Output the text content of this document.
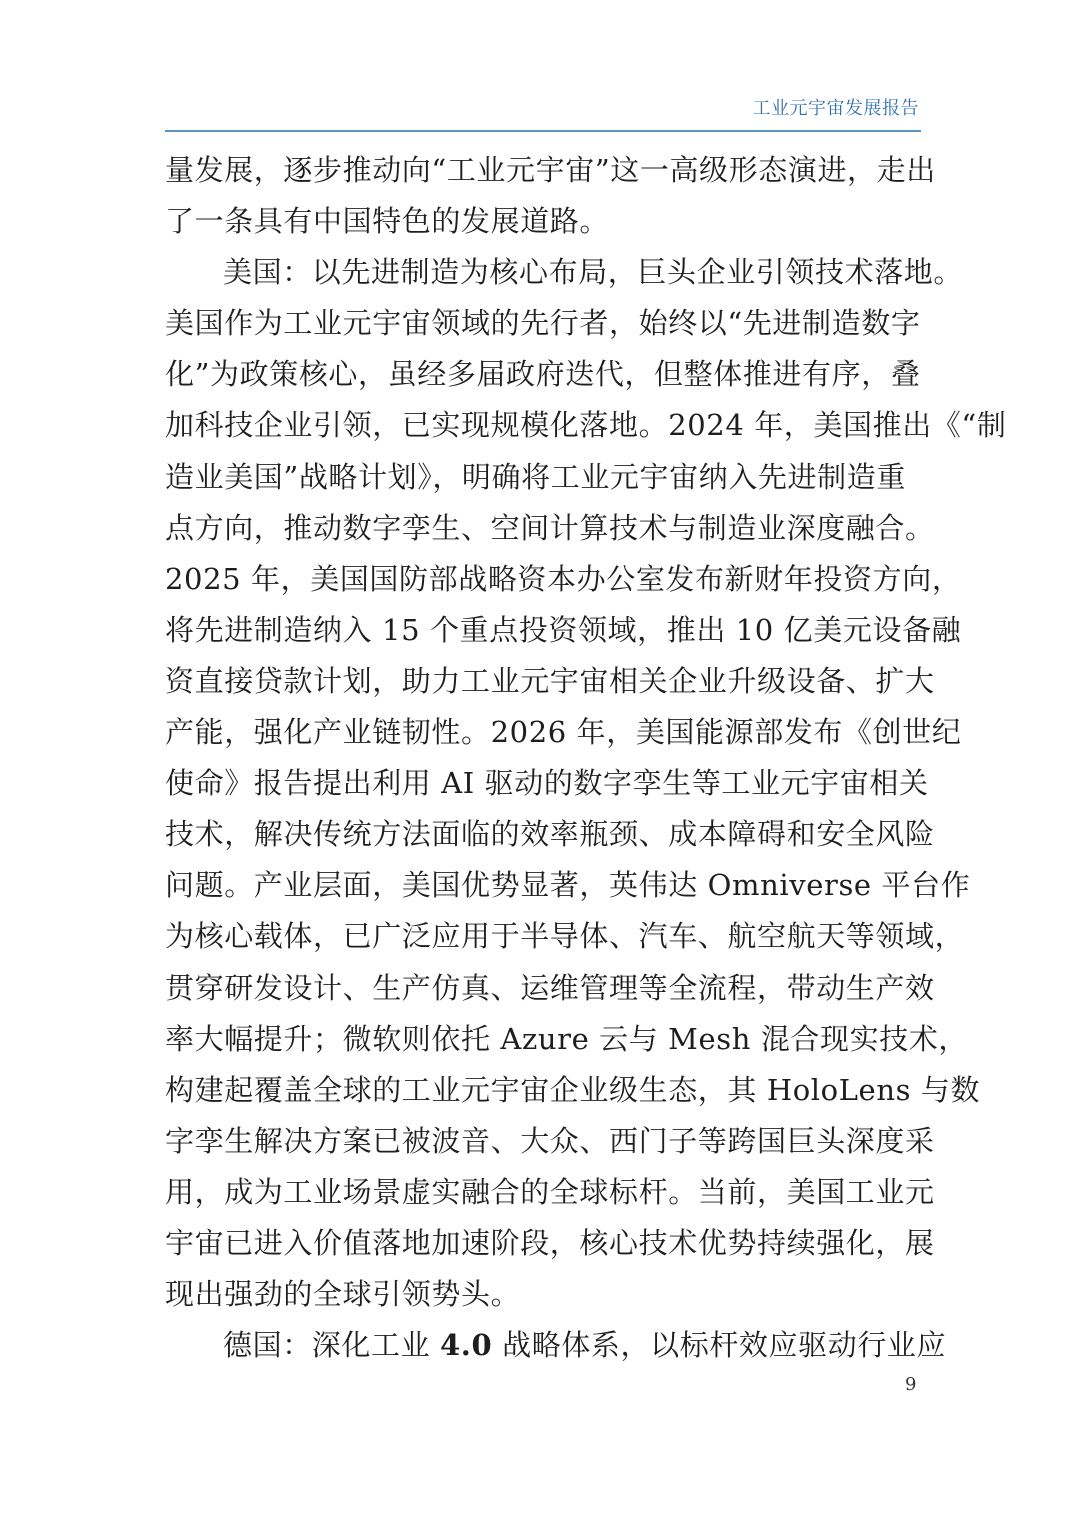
工业元宇宙发展报告
量发展，逐步推动向“工业元宇宙”这一高级形态演进，走出
了一条具有中国特色的发展道路。
美国：以先进制造为核心布局，巨头企业引领技术落地。
美国作为工业元宇宙领域的先行者，始终以“先进制造数字
化”为政策核心，虽经多届政府迭代，但整体推进有序，叠
加科技企业引领，已实现规模化落地。2024 年，美国推出《“制
造业美国”战略计划》，明确将工业元宇宙纳入先进制造重
点方向，推动数字孪生、空间计算技术与制造业深度融合。
2025 年，美国国防部战略资本办公室发布新财年投资方向，
将先进制造纳入 15 个重点投资领域，推出 10 亿美元设备融
资直接贷款计划，助力工业元宇宙相关企业升级设备、扩大
产能，强化产业链韧性。2026 年，美国能源部发布《创世纪
使命》报告提出利用 AI 驱动的数字孪生等工业元宇宙相关
技术，解决传统方法面临的效率瓶颈、成本障碍和安全风险
问题。产业层面，美国优势显著，英伟达 Omniverse 平台作
为核心载体，已广泛应用于半导体、汽车、航空航天等领域，
贯穿研发设计、生产仿真、运维管理等全流程，带动生产效
率大幅提升；微软则依托 Azure 云与 Mesh 混合现实技术，
构建起覆盖全球的工业元宇宙企业级生态，其 HoloLens 与数
字孪生解决方案已被波音、大众、西门子等跨国巨头深度采
用，成为工业场景虚实融合的全球标杆。当前，美国工业元
宇宙已进入价值落地加速阶段，核心技术优势持续强化，展
现出强劲的全球引领势头。
德国：深化工业 4.0 战略体系，以标杆效应驱动行业应
9
